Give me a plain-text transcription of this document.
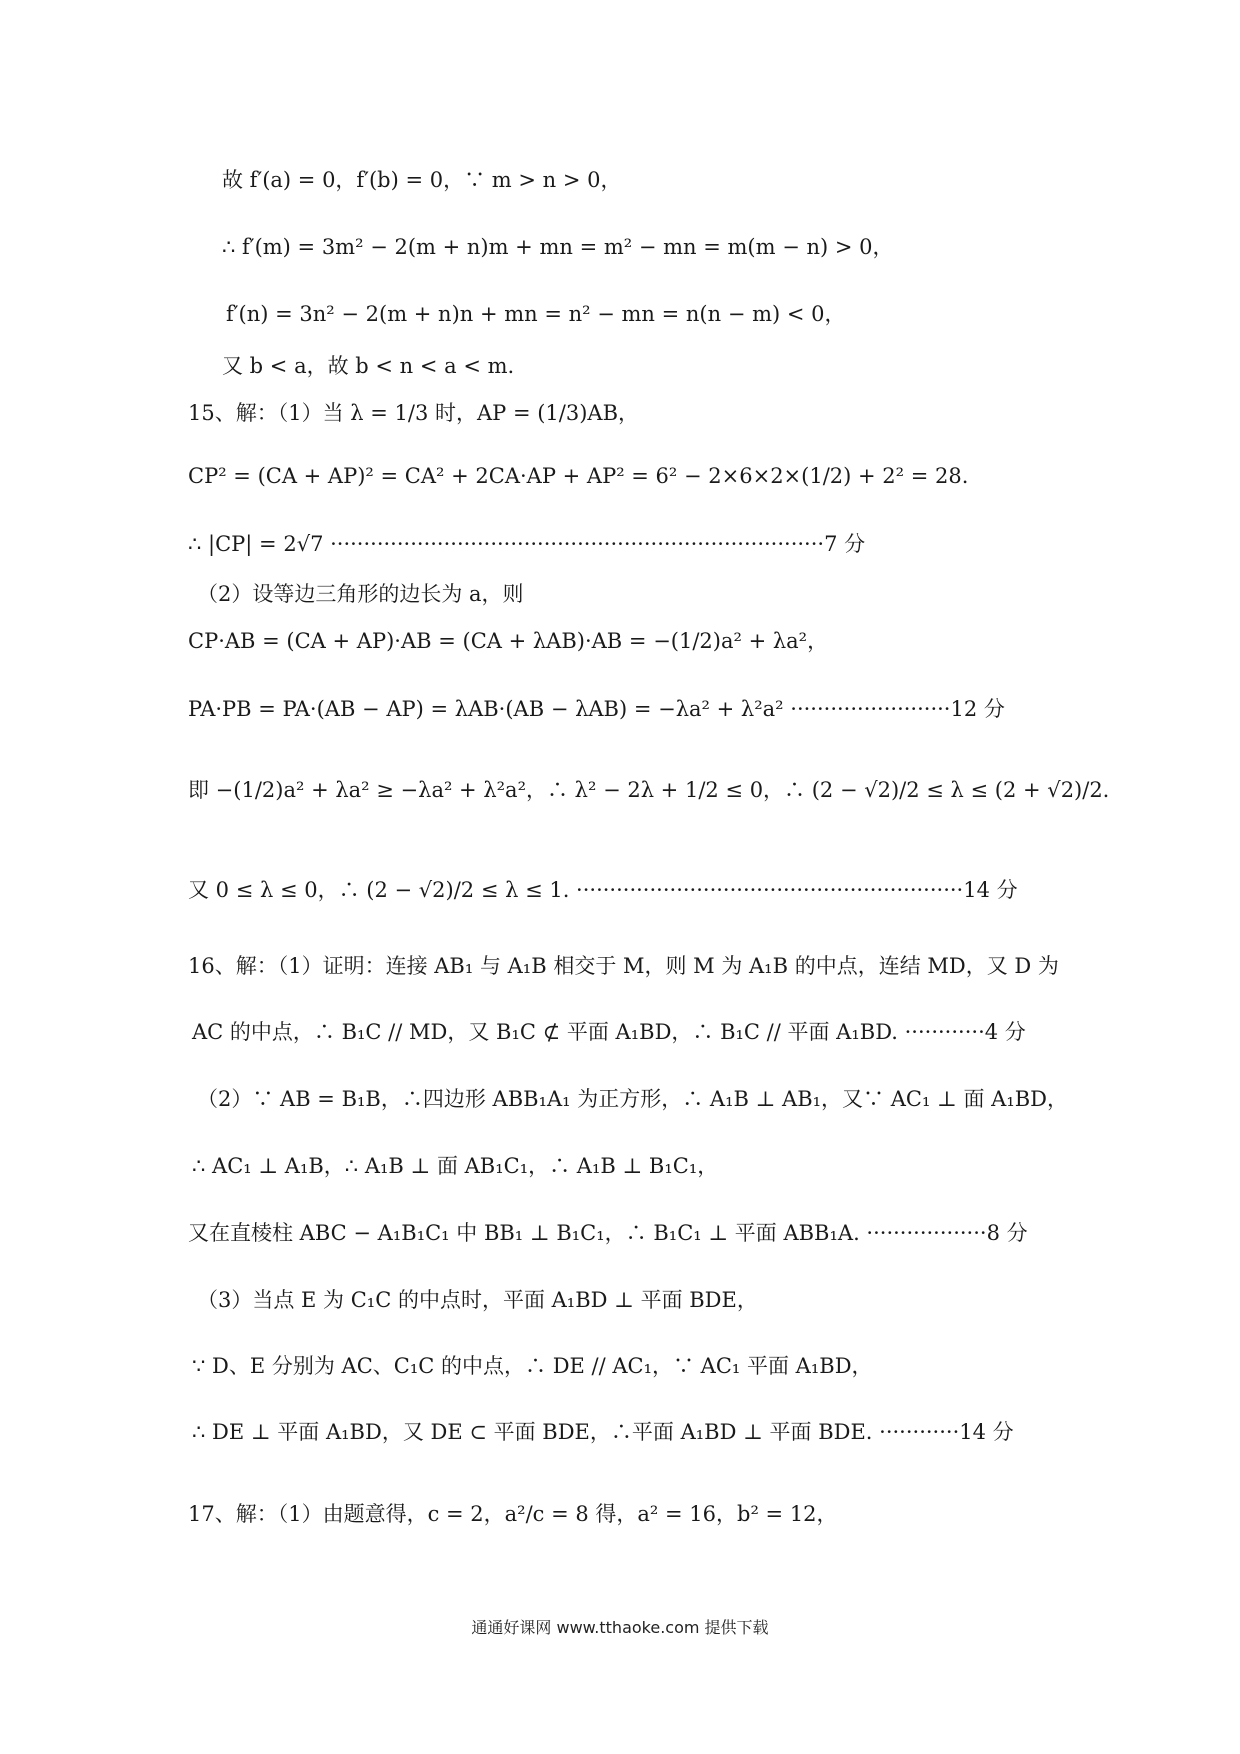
故 f′(a) = 0，f′(b) = 0，∵ m > n > 0，
∴ f′(m) = 3m² − 2(m + n)m + mn = m² − mn = m(m − n) > 0，
f′(n) = 3n² − 2(m + n)n + mn = n² − mn = n(n − m) < 0，
又 b < a，故 b < n < a < m.
15、解：（1）当 λ = 1/3 时，AP = (1/3)AB，
CP² = (CA + AP)² = CA² + 2CA·AP + AP² = 6² − 2×6×2×(1/2) + 2² = 28.
∴ |CP| = 2√7 ··········································································7 分
（2）设等边三角形的边长为 a，则
CP·AB = (CA + AP)·AB = (CA + λAB)·AB = −(1/2)a² + λa²，
PA·PB = PA·(AB − AP) = λAB·(AB − λAB) = −λa² + λ²a² ························12 分
即 −(1/2)a² + λa² ≥ −λa² + λ²a²，∴ λ² − 2λ + 1/2 ≤ 0，∴ (2 − √2)/2 ≤ λ ≤ (2 + √2)/2.
又 0 ≤ λ ≤ 0，∴ (2 − √2)/2 ≤ λ ≤ 1. ··························································14 分
16、解：（1）证明：连接 AB₁ 与 A₁B 相交于 M，则 M 为 A₁B 的中点，连结 MD，又 D 为
AC 的中点，∴ B₁C // MD，又 B₁C ⊄ 平面 A₁BD，∴ B₁C // 平面 A₁BD. ············4 分
（2）∵ AB = B₁B，∴四边形 ABB₁A₁ 为正方形，∴ A₁B ⊥ AB₁，又∵ AC₁ ⊥ 面 A₁BD，
∴ AC₁ ⊥ A₁B，∴ A₁B ⊥ 面 AB₁C₁，∴ A₁B ⊥ B₁C₁，
又在直棱柱 ABC − A₁B₁C₁ 中 BB₁ ⊥ B₁C₁，∴ B₁C₁ ⊥ 平面 ABB₁A. ··················8 分
（3）当点 E 为 C₁C 的中点时，平面 A₁BD ⊥ 平面 BDE，
∵ D、E 分别为 AC、C₁C 的中点，∴ DE // AC₁，∵ AC₁ 平面 A₁BD，
∴ DE ⊥ 平面 A₁BD，又 DE ⊂ 平面 BDE，∴平面 A₁BD ⊥ 平面 BDE. ············14 分
17、解：（1）由题意得，c = 2，a²/c = 8 得，a² = 16，b² = 12，
通通好课网 www.tthaoke.com 提供下载
